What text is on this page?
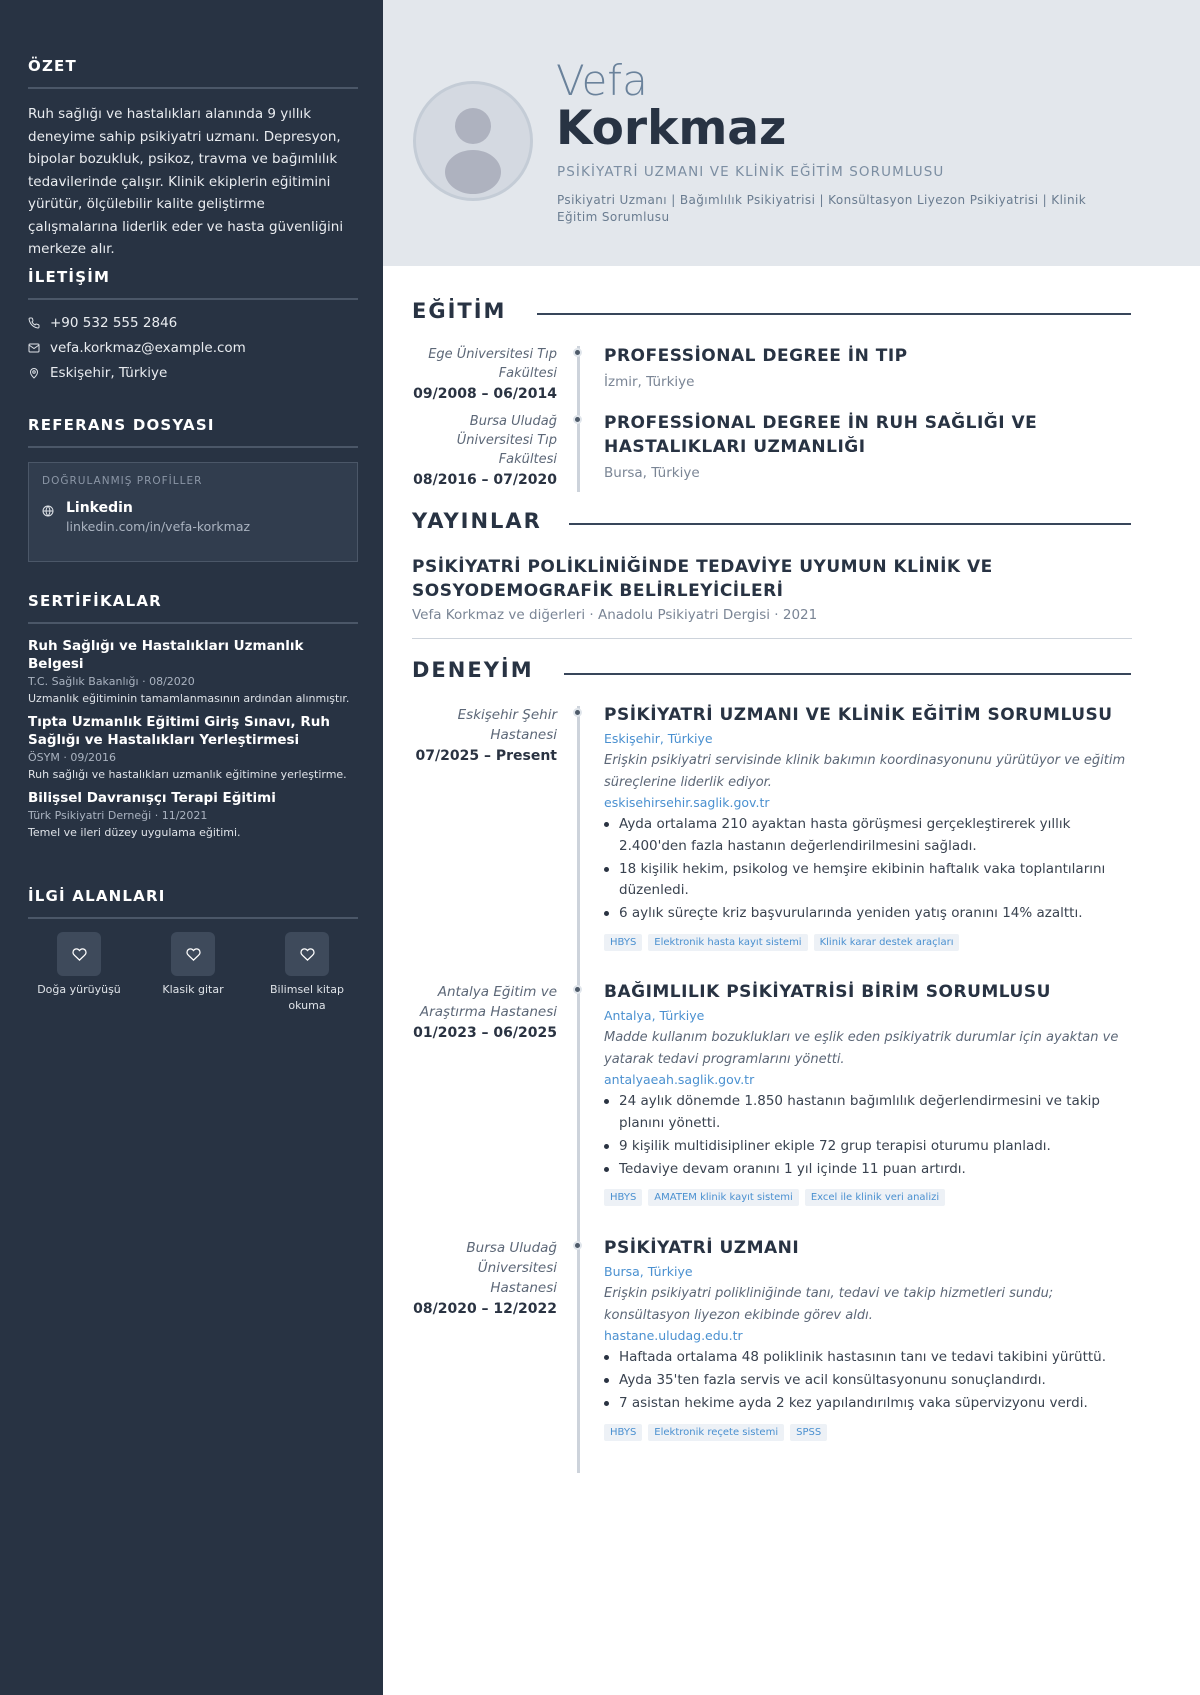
ÖZET
Ruh sağlığı ve hastalıkları alanında 9 yıllık deneyime sahip psikiyatri uzmanı. Depresyon, bipolar bozukluk, psikoz, travma ve bağımlılık tedavilerinde çalışır. Klinik ekiplerin eğitimini yürütür, ölçülebilir kalite geliştirme çalışmalarına liderlik eder ve hasta güvenliğini merkeze alır.
İLETİŞİM
+90 532 555 2846
vefa.korkmaz@example.com
Eskişehir, Türkiye
REFERANS DOSYASI
DOĞRULANMIŞ PROFİLLER
Linkedin
linkedin.com/in/vefa-korkmaz
SERTİFİKALAR
Ruh Sağlığı ve Hastalıkları Uzmanlık Belgesi
T.C. Sağlık Bakanlığı · 08/2020
Uzmanlık eğitiminin tamamlanmasının ardından alınmıştır.
Tıpta Uzmanlık Eğitimi Giriş Sınavı, Ruh Sağlığı ve Hastalıkları Yerleştirmesi
ÖSYM · 09/2016
Ruh sağlığı ve hastalıkları uzmanlık eğitimine yerleştirme.
Bilişsel Davranışçı Terapi Eğitimi
Türk Psikiyatri Derneği · 11/2021
Temel ve ileri düzey uygulama eğitimi.
İLGİ ALANLARI
Doğa yürüyüşü	Klasik gitar	Bilimsel kitap okuma
Vefa
Korkmaz
PSİKİYATRİ UZMANI VE KLİNİK EĞİTİM SORUMLUSU
Psikiyatri Uzmanı | Bağımlılık Psikiyatrisi | Konsültasyon Liyezon Psikiyatrisi | Klinik Eğitim Sorumlusu
EĞİTİM
Ege Üniversitesi Tıp Fakültesi
09/2008 – 06/2014
PROFESSİONAL DEGREE İN TIP
İzmir, Türkiye
Bursa Uludağ Üniversitesi Tıp Fakültesi
08/2016 – 07/2020
PROFESSİONAL DEGREE İN RUH SAĞLIĞI VE HASTALIKLARI UZMANLIĞI
Bursa, Türkiye
YAYINLAR
PSİKİYATRİ POLİKLİNİĞİNDE TEDAVİYE UYUMUN KLİNİK VE SOSYODEMOGRAFİK BELİRLEYİCİLERİ
Vefa Korkmaz ve diğerleri · Anadolu Psikiyatri Dergisi · 2021
DENEYİM
Eskişehir Şehir Hastanesi
07/2025 – Present
PSİKİYATRİ UZMANI VE KLİNİK EĞİTİM SORUMLUSU
Eskişehir, Türkiye
Erişkin psikiyatri servisinde klinik bakımın koordinasyonunu yürütüyor ve eğitim süreçlerine liderlik ediyor.
eskisehirsehir.saglik.gov.tr
Ayda ortalama 210 ayaktan hasta görüşmesi gerçekleştirerek yıllık 2.400'den fazla hastanın değerlendirilmesini sağladı.
18 kişilik hekim, psikolog ve hemşire ekibinin haftalık vaka toplantılarını düzenledi.
6 aylık süreçte kriz başvurularında yeniden yatış oranını 14% azalttı.
HBYS	Elektronik hasta kayıt sistemi	Klinik karar destek araçları
Antalya Eğitim ve Araştırma Hastanesi
01/2023 – 06/2025
BAĞIMLILIK PSİKİYATRİSİ BİRİM SORUMLUSU
Antalya, Türkiye
Madde kullanım bozuklukları ve eşlik eden psikiyatrik durumlar için ayaktan ve yatarak tedavi programlarını yönetti.
antalyaeah.saglik.gov.tr
24 aylık dönemde 1.850 hastanın bağımlılık değerlendirmesini ve takip planını yönetti.
9 kişilik multidisipliner ekiple 72 grup terapisi oturumu planladı.
Tedaviye devam oranını 1 yıl içinde 11 puan artırdı.
HBYS	AMATEM klinik kayıt sistemi	Excel ile klinik veri analizi
Bursa Uludağ Üniversitesi Hastanesi
08/2020 – 12/2022
PSİKİYATRİ UZMANI
Bursa, Türkiye
Erişkin psikiyatri polikliniğinde tanı, tedavi ve takip hizmetleri sundu; konsültasyon liyezon ekibinde görev aldı.
hastane.uludag.edu.tr
Haftada ortalama 48 poliklinik hastasının tanı ve tedavi takibini yürüttü.
Ayda 35'ten fazla servis ve acil konsültasyonunu sonuçlandırdı.
7 asistan hekime ayda 2 kez yapılandırılmış vaka süpervizyonu verdi.
HBYS	Elektronik reçete sistemi	SPSS
